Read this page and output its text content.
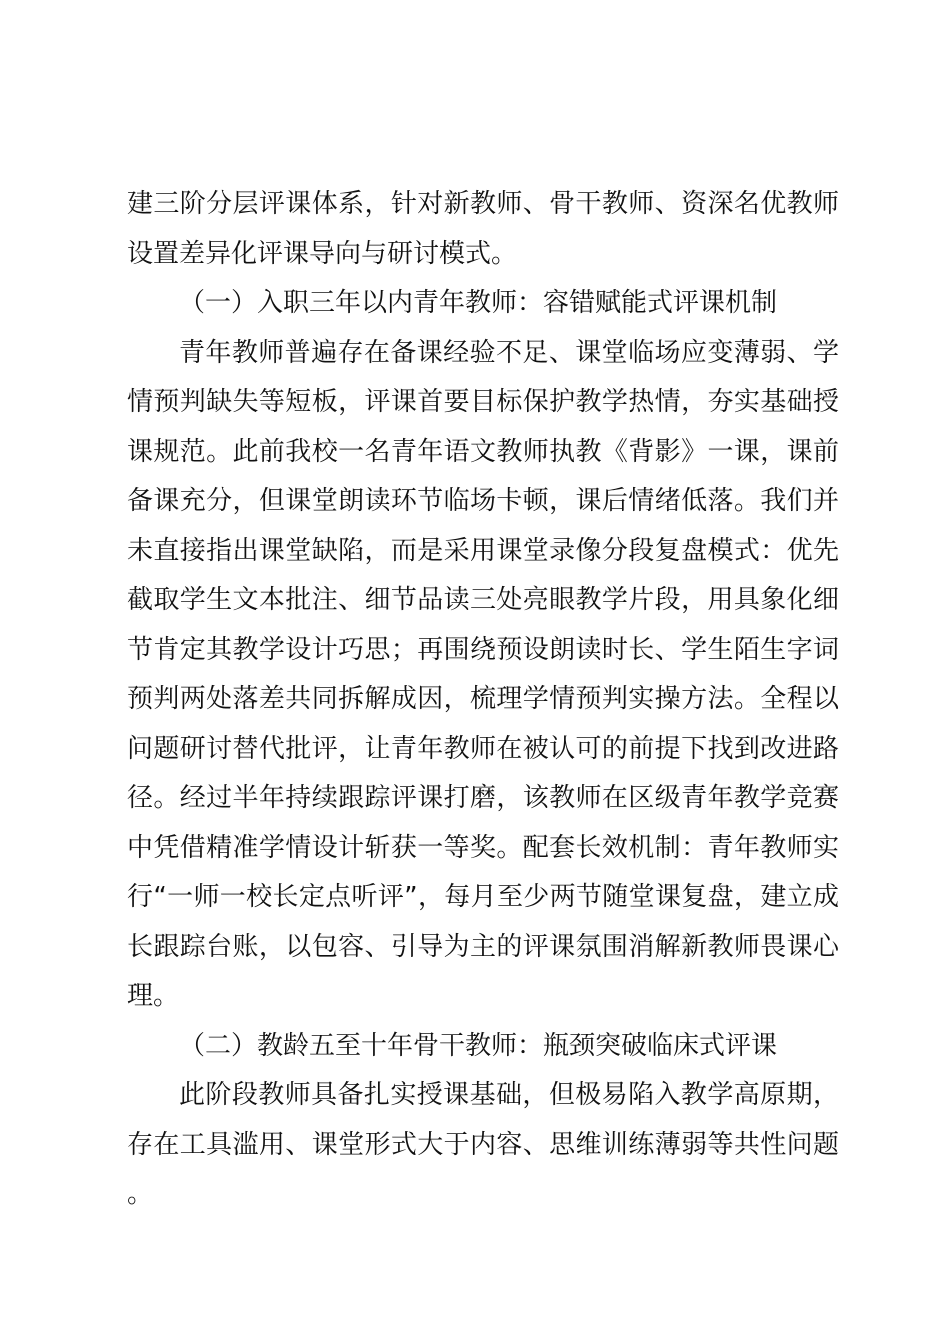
建三阶分层评课体系，针对新教师、骨干教师、资深名优教师设置差异化评课导向与研讨模式。

（一）入职三年以内青年教师：容错赋能式评课机制

青年教师普遍存在备课经验不足、课堂临场应变薄弱、学情预判缺失等短板，评课首要目标保护教学热情，夯实基础授课规范。此前我校一名青年语文教师执教《背影》一课，课前备课充分，但课堂朗读环节临场卡顿，课后情绪低落。我们并未直接指出课堂缺陷，而是采用课堂录像分段复盘模式：优先截取学生文本批注、细节品读三处亮眼教学片段，用具象化细节肯定其教学设计巧思；再围绕预设朗读时长、学生陌生字词预判两处落差共同拆解成因，梳理学情预判实操方法。全程以问题研讨替代批评，让青年教师在被认可的前提下找到改进路径。经过半年持续跟踪评课打磨，该教师在区级青年教学竞赛中凭借精准学情设计斩获一等奖。配套长效机制：青年教师实行“一师一校长定点听评”，每月至少两节随堂课复盘，建立成长跟踪台账，以包容、引导为主的评课氛围消解新教师畏课心理。

（二）教龄五至十年骨干教师：瓶颈突破临床式评课

此阶段教师具备扎实授课基础，但极易陷入教学高原期，存在工具滥用、课堂形式大于内容、思维训练薄弱等共性问题。
